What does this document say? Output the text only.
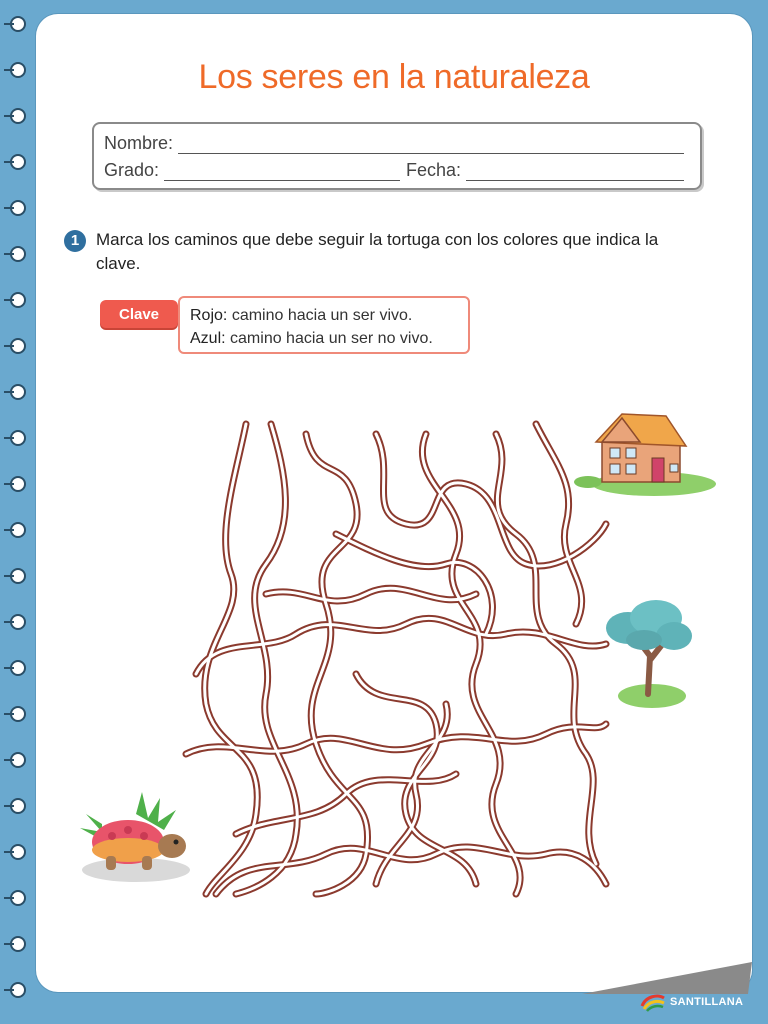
Los seres en la naturaleza
Nombre:
Grado:	Fecha:
1 Marca los caminos que debe seguir la tortuga con los colores que indica la clave.
Clave	Rojo: camino hacia un ser vivo.
Azul: camino hacia un ser no vivo.
SANTILLANA
